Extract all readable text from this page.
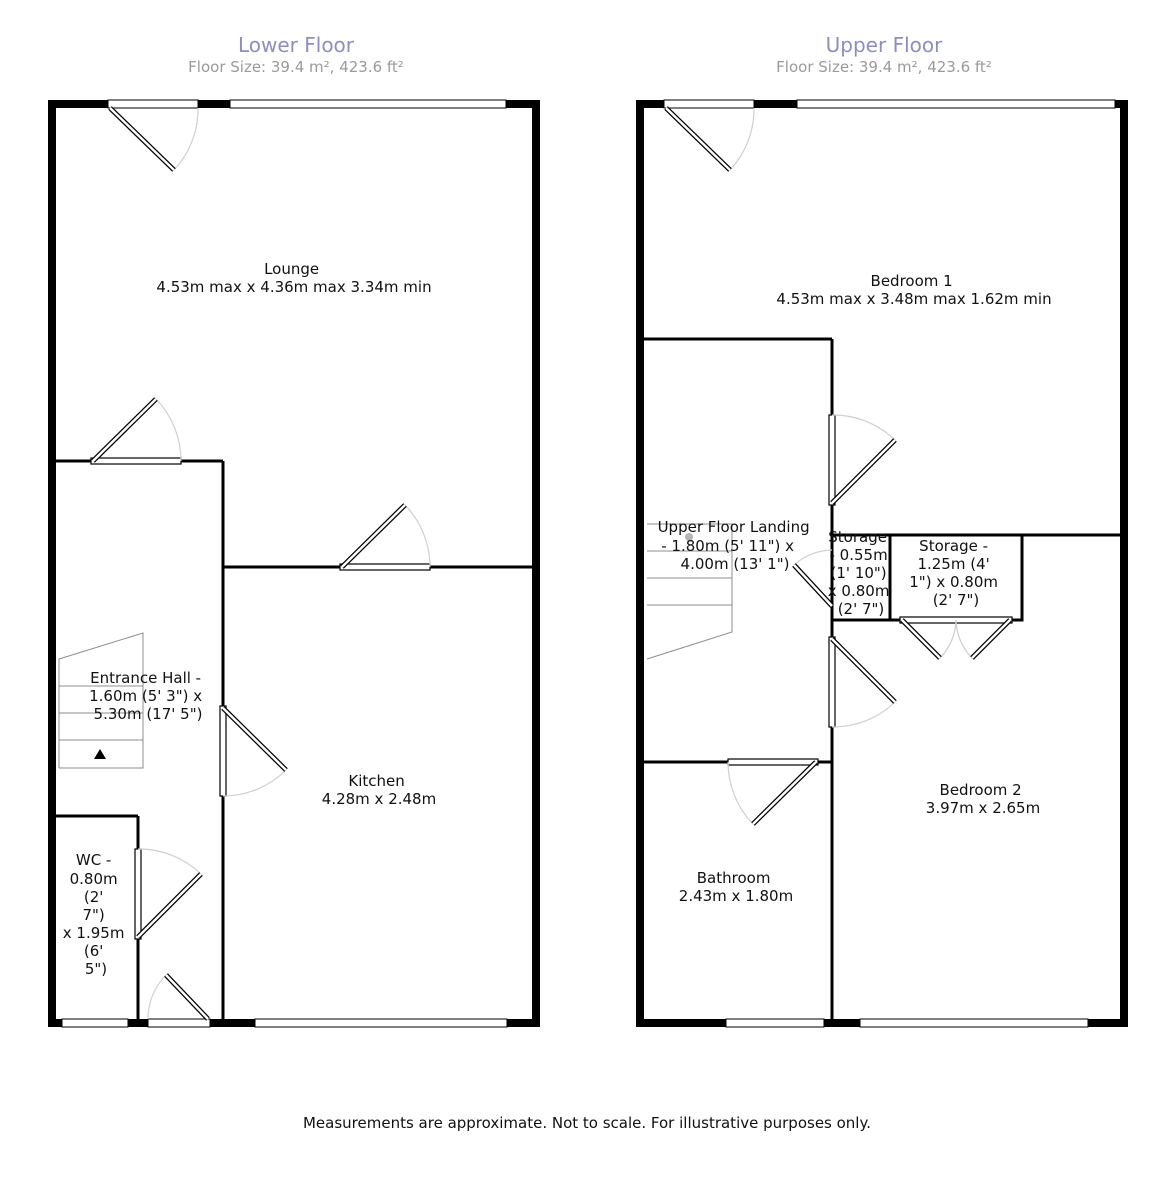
Lower Floor
Floor Size: 39.4 m², 423.6 ft²
Upper Floor
Floor Size: 39.4 m², 423.6 ft²
Lounge 4.53m max x 4.36m max 3.34m min
Kitchen 4.28m x 2.48m
Entrance Hall - 1.60m (5' 3") x 5.30m (17' 5")
WC - 0.80m (2' 7") x 1.95m (6' 5")
Bedroom 1 4.53m max x 3.48m max 1.62m min
Upper Floor Landing - 1.80m (5' 11") x 4.00m (13' 1")
Storage - 0.55m (1' 10") x 0.80m (2' 7")
Storage - 1.25m (4' 1") x 0.80m (2' 7")
Bedroom 2 3.97m x 2.65m
Bathroom 2.43m x 1.80m
Measurements are approximate. Not to scale. For illustrative purposes only.
